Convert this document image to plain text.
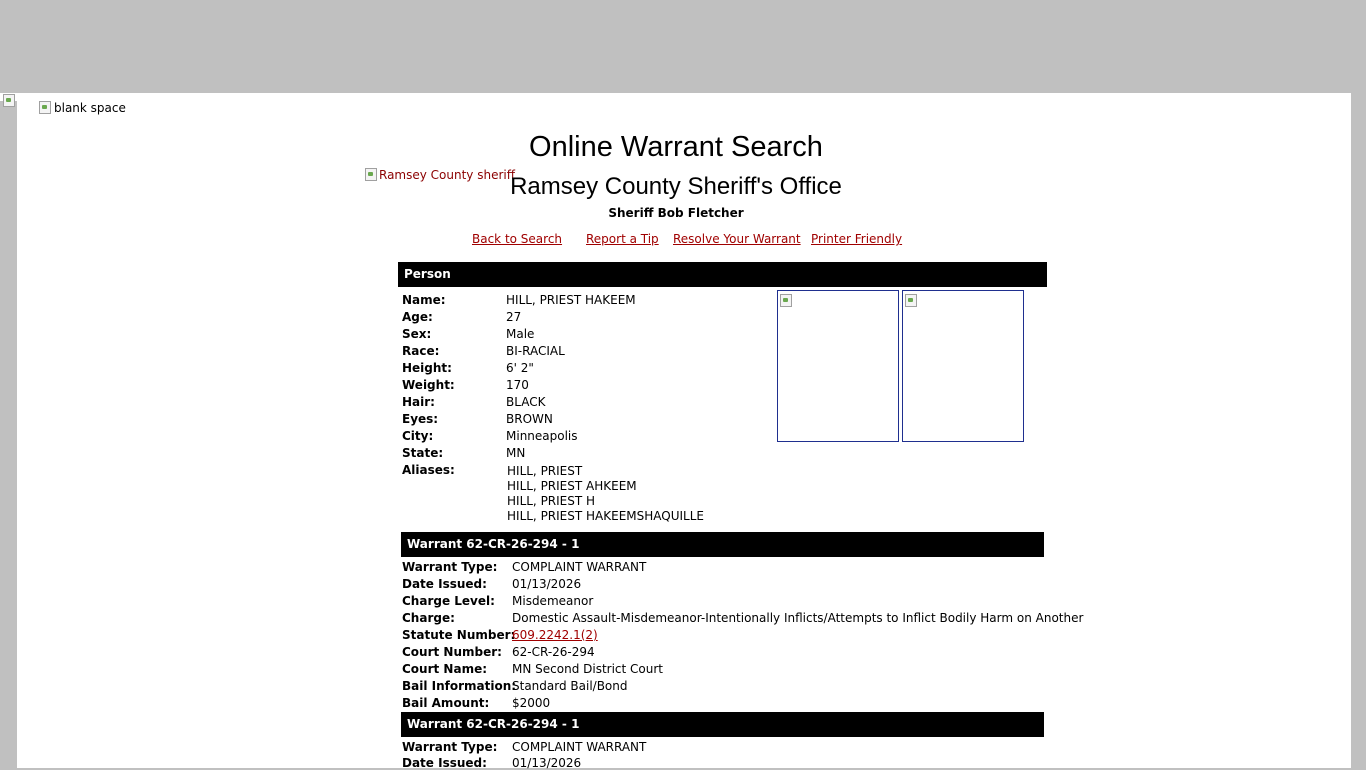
blank space
Online Warrant Search
Ramsey County sheriff
Ramsey County Sheriff's Office
Sheriff Bob Fletcher
Back to Search Report a Tip Resolve Your Warrant Printer Friendly
Person
Name:	HILL, PRIEST HAKEEM
Age:	27
Sex:	Male
Race:	BI-RACIAL
Height:	6' 2"
Weight:	170
Hair:	BLACK
Eyes:	BROWN
City:	Minneapolis
State:	MN
Aliases:	HILL, PRIEST
HILL, PRIEST AHKEEM
HILL, PRIEST H
HILL, PRIEST HAKEEMSHAQUILLE
Warrant 62-CR-26-294 - 1
Warrant Type: COMPLAINT WARRANT
Date Issued: 01/13/2026
Charge Level: Misdemeanor
Charge:	Domestic Assault-Misdemeanor-Intentionally Inflicts/Attempts to Inflict Bodily Harm on Another
Statute Number:
609.2242.1(2)
Court Number: 62-CR-26-294
Court Name: MN Second District Court
Bail Information:
Standard Bail/Bond
Bail Amount: $2000
Warrant 62-CR-26-294 - 1
Warrant Type: COMPLAINT WARRANT
Date Issued: 01/13/2026
